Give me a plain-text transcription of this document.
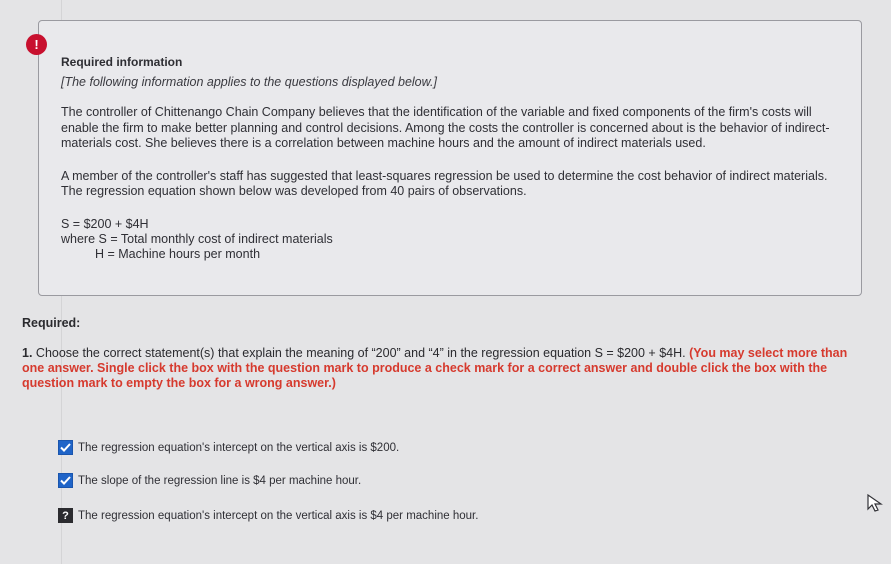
Required information
[The following information applies to the questions displayed below.]

The controller of Chittenango Chain Company believes that the identification of the variable and fixed components of the firm's costs will enable the firm to make better planning and control decisions. Among the costs the controller is concerned about is the behavior of indirect-materials cost. She believes there is a correlation between machine hours and the amount of indirect materials used.

A member of the controller's staff has suggested that least-squares regression be used to determine the cost behavior of indirect materials. The regression equation shown below was developed from 40 pairs of observations.

S = $200 + $4H
where S = Total monthly cost of indirect materials
H = Machine hours per month
!
Required:
1. Choose the correct statement(s) that explain the meaning of “200” and “4” in the regression equation S = $200 + $4H. (You may select more than one answer. Single click the box with the question mark to produce a check mark for a correct answer and double click the box with the question mark to empty the box for a wrong answer.)
The regression equation's intercept on the vertical axis is $200.
The slope of the regression line is $4 per machine hour.
? The regression equation's intercept on the vertical axis is $4 per machine hour.
